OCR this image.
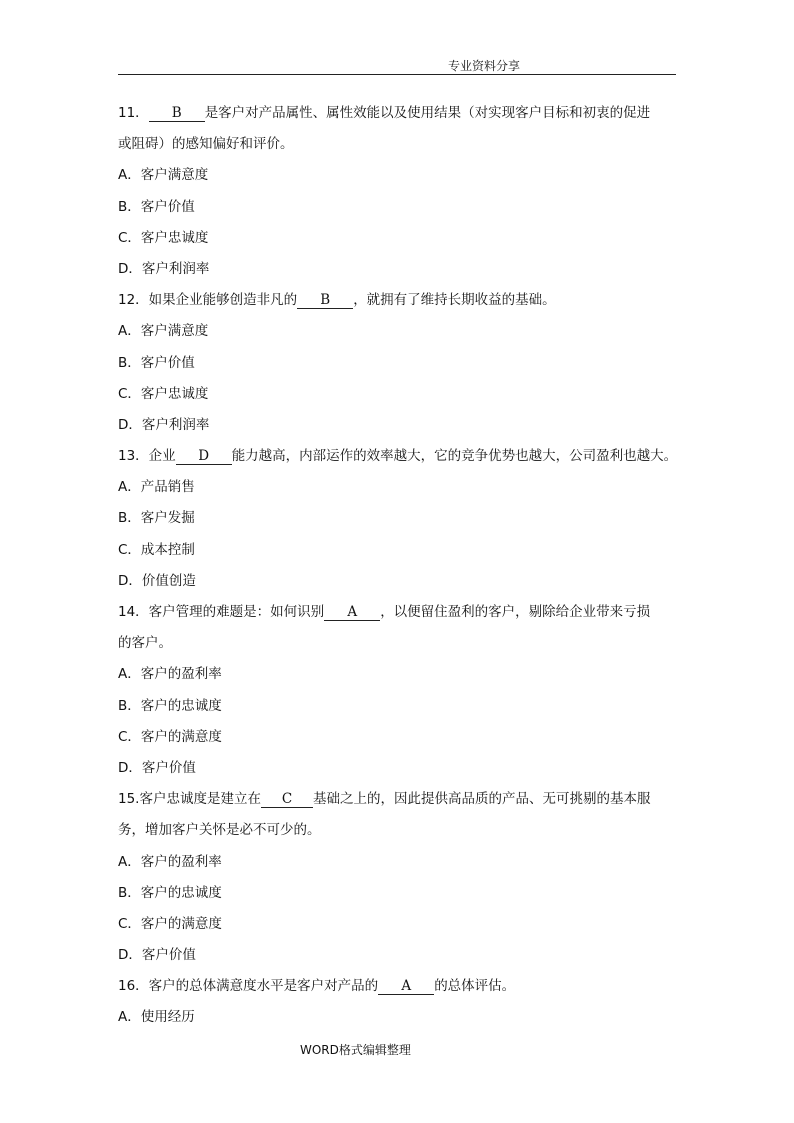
专业资料分享
11． B 是客户对产品属性、属性效能以及使用结果（对实现客户目标和初衷的促进
或阻碍）的感知偏好和评价。
A．客户满意度
B．客户价值
C．客户忠诚度
D．客户利润率
12．如果企业能够创造非凡的 B ，就拥有了维持长期收益的基础。
A．客户满意度
B．客户价值
C．客户忠诚度
D．客户利润率
13．企业 D 能力越高，内部运作的效率越大，它的竞争优势也越大，公司盈利也越大。
A．产品销售
B．客户发掘
C．成本控制
D．价值创造
14．客户管理的难题是：如何识别 A ，以便留住盈利的客户，剔除给企业带来亏损
的客户。
A．客户的盈利率
B．客户的忠诚度
C．客户的满意度
D．客户价值
15.客户忠诚度是建立在 C 基础之上的，因此提供高品质的产品、无可挑剔的基本服
务，增加客户关怀是必不可少的。
A．客户的盈利率
B．客户的忠诚度
C．客户的满意度
D．客户价值
16．客户的总体满意度水平是客户对产品的 A 的总体评估。
A．使用经历
WORD格式编辑整理
